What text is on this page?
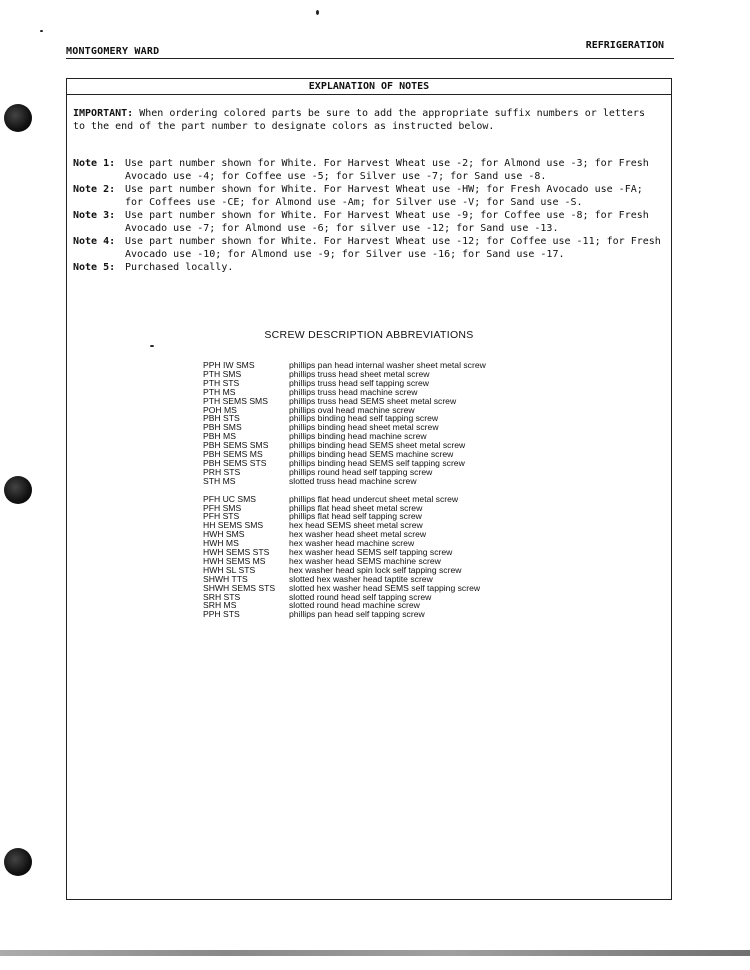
MONTGOMERY WARD
REFRIGERATION
EXPLANATION OF NOTES
IMPORTANT: When ordering colored parts be sure to add the appropriate suffix numbers or letters to the end of the part number to designate colors as instructed below.
Note 1: Use part number shown for White. For Harvest Wheat use -2; for Almond use -3; for Fresh Avocado use -4; for Coffee use -5; for Silver use -7; for Sand use -8.
Note 2: Use part number shown for White. For Harvest Wheat use -HW; for Fresh Avocado use -FA; for Coffees use -CE; for Almond use -Am; for Silver use -V; for Sand use -S.
Note 3: Use part number shown for White. For Harvest Wheat use -9; for Coffee use -8; for Fresh Avocado use -7; for Almond use -6; for silver use -12; for Sand use -13.
Note 4: Use part number shown for White. For Harvest Wheat use -12; for Coffee use -11; for Fresh Avocado use -10; for Almond use -9; for Silver use -16; for Sand use -17.
Note 5: Purchased locally.
SCREW DESCRIPTION ABBREVIATIONS
PPH IW SMS	phillips pan head internal washer sheet metal screw
PTH SMS	phillips truss head sheet metal screw
PTH STS	phillips truss head self tapping screw
PTH MS	phillips truss head machine screw
PTH SEMS SMS	phillips truss head SEMS sheet metal screw
POH MS	phillips oval head machine screw
PBH STS	phillips binding head self tapping screw
PBH SMS	phillips binding head sheet metal screw
PBH MS	phillips binding head machine screw
PBH SEMS SMS	phillips binding head SEMS sheet metal screw
PBH SEMS MS	phillips binding head SEMS machine screw
PBH SEMS STS	phillips binding head SEMS self tapping screw
PRH STS	phillips round head self tapping screw
STH MS	slotted truss head machine screw

PFH UC SMS	phillips flat head undercut sheet metal screw
PFH SMS	phillips flat head sheet metal screw
PFH STS	phillips flat head self tapping screw
HH SEMS SMS	hex head SEMS sheet metal screw
HWH SMS	hex washer head sheet metal screw
HWH MS	hex washer head machine screw
HWH SEMS STS	hex washer head SEMS self tapping screw
HWH SEMS MS	hex washer head SEMS machine screw
HWH SL STS	hex washer head spin lock self tapping screw
SHWH TTS	slotted hex washer head taptite screw
SHWH SEMS STS	slotted hex washer head SEMS self tapping screw
SRH STS	slotted round head self tapping screw
SRH MS	slotted round head machine screw
PPH STS	phillips pan head self tapping screw
